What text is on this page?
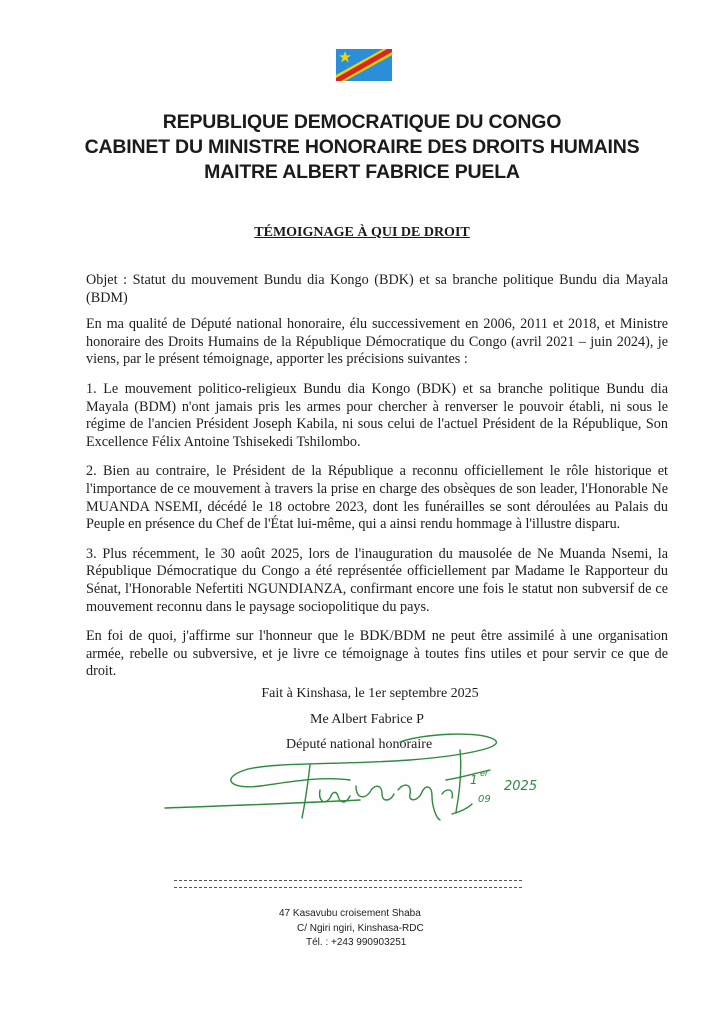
REPUBLIQUE DEMOCRATIQUE DU CONGO
CABINET DU MINISTRE HONORAIRE DES DROITS HUMAINS
MAITRE ALBERT FABRICE PUELA
TÉMOIGNAGE À QUI DE DROIT

Objet : Statut du mouvement Bundu dia Kongo (BDK) et sa branche politique Bundu dia Mayala (BDM)

En ma qualité de Député national honoraire, élu successivement en 2006, 2011 et 2018, et Ministre honoraire des Droits Humains de la République Démocratique du Congo (avril 2021 – juin 2024), je viens, par le présent témoignage, apporter les précisions suivantes :

1. Le mouvement politico-religieux Bundu dia Kongo (BDK) et sa branche politique Bundu dia Mayala (BDM) n'ont jamais pris les armes pour chercher à renverser le pouvoir établi, ni sous le régime de l'ancien Président Joseph Kabila, ni sous celui de l'actuel Président de la République, Son Excellence Félix Antoine Tshisekedi Tshilombo.

2. Bien au contraire, le Président de la République a reconnu officiellement le rôle historique et l'importance de ce mouvement à travers la prise en charge des obsèques de son leader, l'Honorable Ne MUANDA NSEMI, décédé le 18 octobre 2023, dont les funérailles se sont déroulées au Palais du Peuple en présence du Chef de l'État lui-même, qui a ainsi rendu hommage à l'illustre disparu.

3. Plus récemment, le 30 août 2025, lors de l'inauguration du mausolée de Ne Muanda Nsemi, la République Démocratique du Congo a été représentée officiellement par Madame le Rapporteur du Sénat, l'Honorable Nefertiti NGUNDIANZA, confirmant encore une fois le statut non subversif de ce mouvement reconnu dans le paysage sociopolitique du pays.

En foi de quoi, j'affirme sur l'honneur que le BDK/BDM ne peut être assimilé à une organisation armée, rebelle ou subversive, et je livre ce témoignage à toutes fins utiles et pour servir ce que de droit.

Fait à Kinshasa, le 1er septembre 2025
Me Albert Fabrice P
Député national honoraire
1 er
2025
09
47 Kasavubu croisement Shaba
C/ Ngiri ngiri, Kinshasa-RDC
Tél. : +243 990903251
